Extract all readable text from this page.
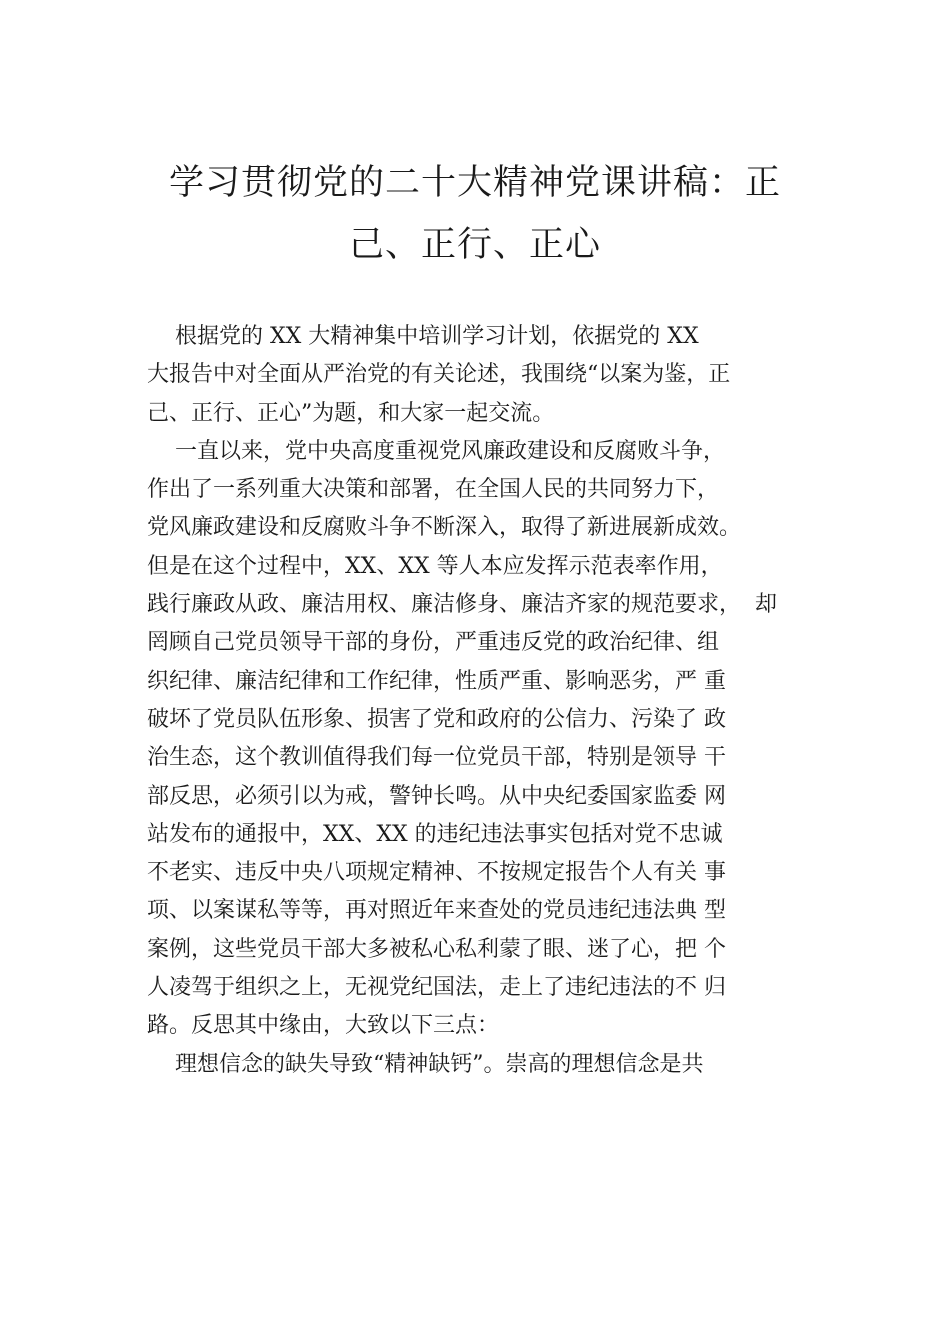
学习贯彻党的二十大精神党课讲稿：正
己、正行、正心
根据党的 XX 大精神集中培训学习计划，依据党的 XX
大报告中对全面从严治党的有关论述，我围绕“以案为鉴，正
己、正行、正心”为题，和大家一起交流。
一直以来，党中央高度重视党风廉政建设和反腐败斗争，
作出了一系列重大决策和部署，在全国人民的共同努力下，
党风廉政建设和反腐败斗争不断深入，取得了新进展新成效。
但是在这个过程中，XX、XX 等人本应发挥示范表率作用，
践行廉政从政、廉洁用权、廉洁修身、廉洁齐家的规范要求，  却
罔顾自己党员领导干部的身份，严重违反党的政治纪律、组
织纪律、廉洁纪律和工作纪律，性质严重、影响恶劣，严 重
破坏了党员队伍形象、损害了党和政府的公信力、污染了 政
治生态，这个教训值得我们每一位党员干部，特别是领导 干
部反思，必须引以为戒，警钟长鸣。从中央纪委国家监委 网
站发布的通报中，XX、XX 的违纪违法事实包括对党不忠诚
不老实、违反中央八项规定精神、不按规定报告个人有关 事
项、以案谋私等等，再对照近年来查处的党员违纪违法典 型
案例，这些党员干部大多被私心私利蒙了眼、迷了心，把 个
人凌驾于组织之上，无视党纪国法，走上了违纪违法的不 归
路。反思其中缘由，大致以下三点：
理想信念的缺失导致“精神缺钙”。崇高的理想信念是共
